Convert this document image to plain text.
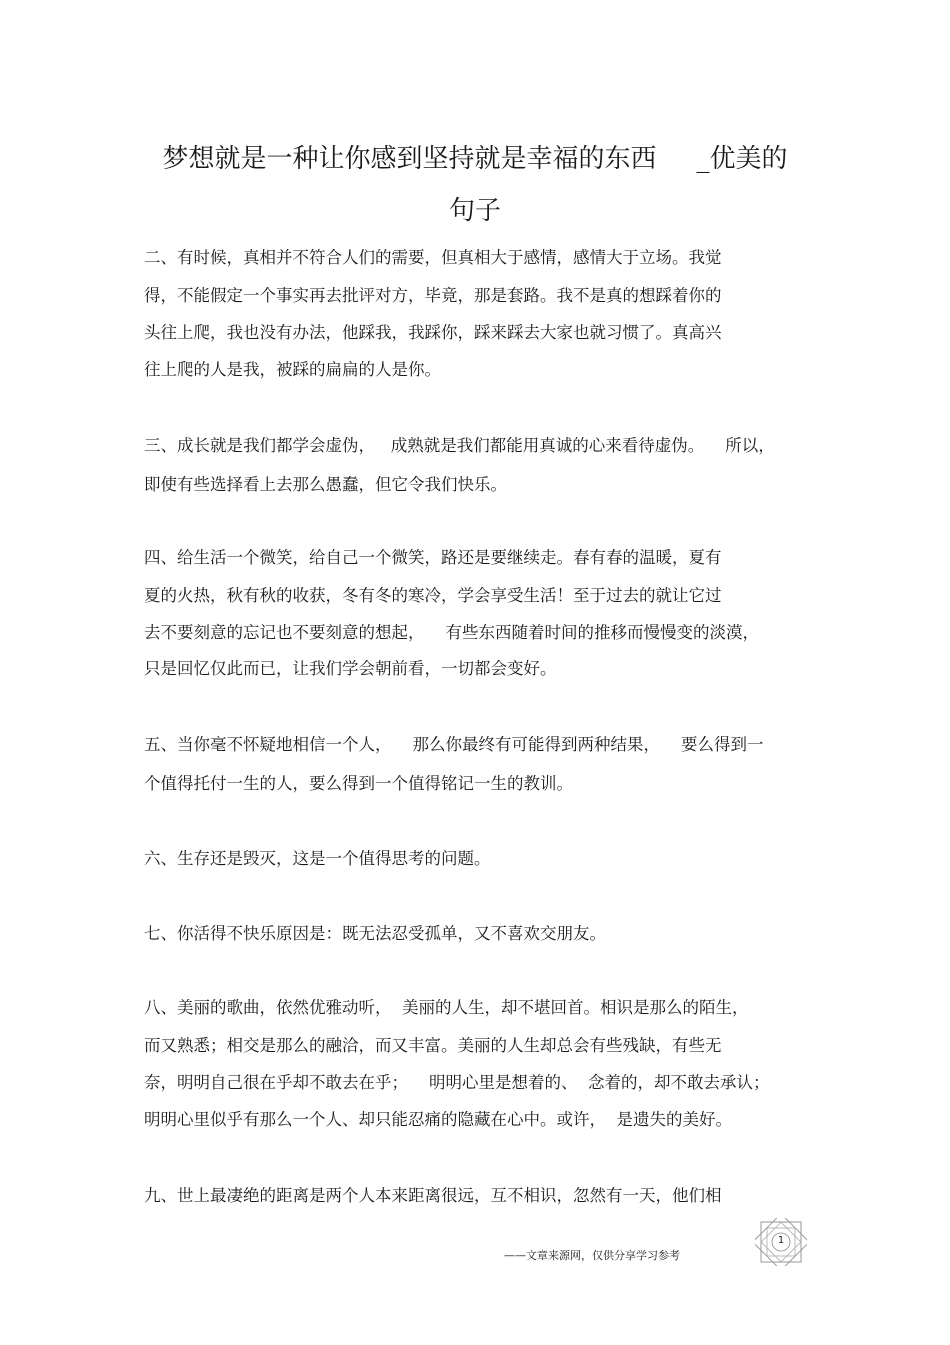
梦想就是一种让你感到坚持就是幸福的东西 _优美的
句子
二、有时候，真相并不符合人们的需要，但真相大于感情，感情大于立场。我觉
得，不能假定一个事实再去批评对方，毕竟，那是套路。我不是真的想踩着你的
头往上爬，我也没有办法，他踩我，我踩你，踩来踩去大家也就习惯了。真高兴
往上爬的人是我，被踩的扁扁的人是你。
三、成长就是我们都学会虚伪，   成熟就是我们都能用真诚的心来看待虚伪。    所以，
即使有些选择看上去那么愚蠢，但它令我们快乐。
四、给生活一个微笑，给自己一个微笑，路还是要继续走。春有春的温暖，夏有
夏的火热，秋有秋的收获，冬有冬的寒冷，学会享受生活！至于过去的就让它过
去不要刻意的忘记也不要刻意的想起，    有些东西随着时间的推移而慢慢变的淡漠，
只是回忆仅此而已，让我们学会朝前看，一切都会变好。
五、当你毫不怀疑地相信一个人，    那么你最终有可能得到两种结果，    要么得到一
个值得托付一生的人，要么得到一个值得铭记一生的教训。
六、生存还是毁灭，这是一个值得思考的问题。
七、你活得不快乐原因是：既无法忍受孤单，又不喜欢交朋友。
八、美丽的歌曲，依然优雅动听，  美丽的人生，却不堪回首。相识是那么的陌生，
而又熟悉；相交是那么的融洽，而又丰富。美丽的人生却总会有些残缺，有些无
奈，明明自己很在乎却不敢去在乎；    明明心里是想着的、  念着的，却不敢去承认；
明明心里似乎有那么一个人、却只能忍痛的隐藏在心中。或许，  是遗失的美好。
九、世上最凄绝的距离是两个人本来距离很远，互不相识，忽然有一天，他们相
——文章来源网，仅供分享学习参考
1
